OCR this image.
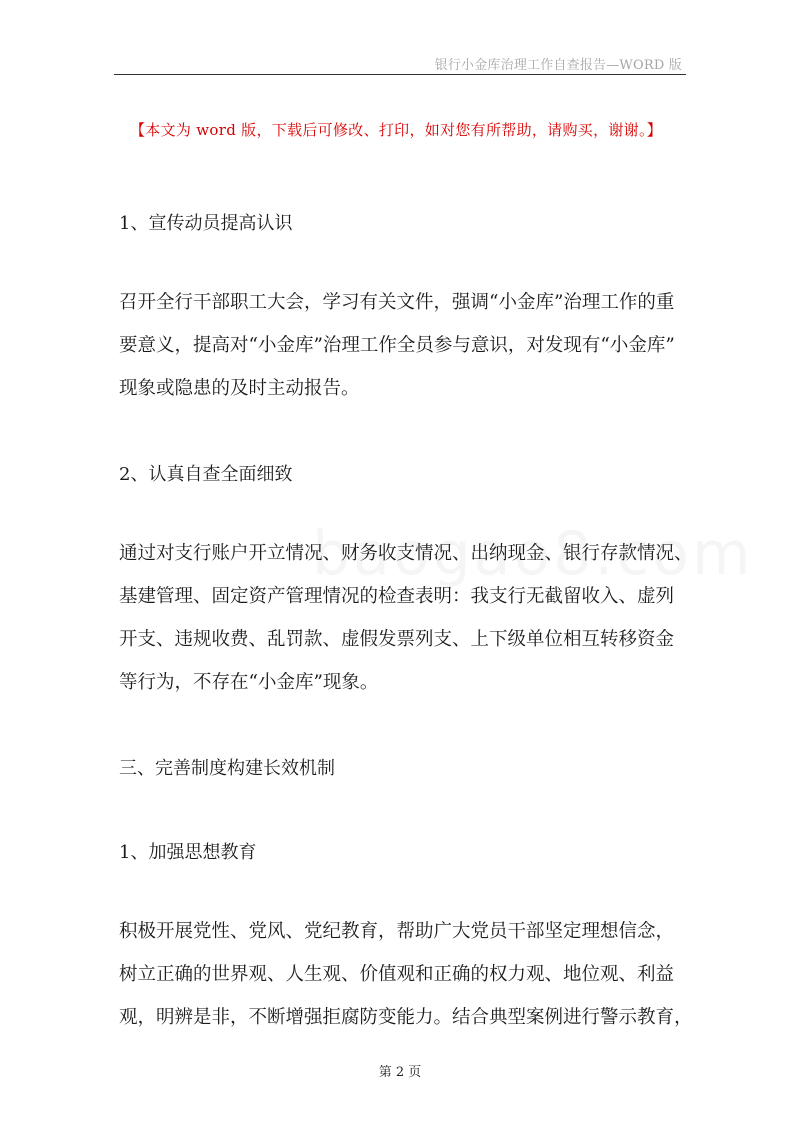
银行小金库治理工作自查报告—WORD 版
【本文为 word 版，下载后可修改、打印，如对您有所帮助，请购买，谢谢。】
1、宣传动员提高认识
召开全行干部职工大会，学习有关文件，强调“小金库”治理工作的重
要意义，提高对“小金库”治理工作全员参与意识，对发现有“小金库”
现象或隐患的及时主动报告。
2、认真自查全面细致
通过对支行账户开立情况、财务收支情况、出纳现金、银行存款情况、
基建管理、固定资产管理情况的检查表明：我支行无截留收入、虚列
开支、违规收费、乱罚款、虚假发票列支、上下级单位相互转移资金
等行为，不存在“小金库”现象。
三、完善制度构建长效机制
1、加强思想教育
积极开展党性、党风、党纪教育，帮助广大党员干部坚定理想信念，
树立正确的世界观、人生观、价值观和正确的权力观、地位观、利益
观，明辨是非，不断增强拒腐防变能力。结合典型案例进行警示教育，
第 2 页
